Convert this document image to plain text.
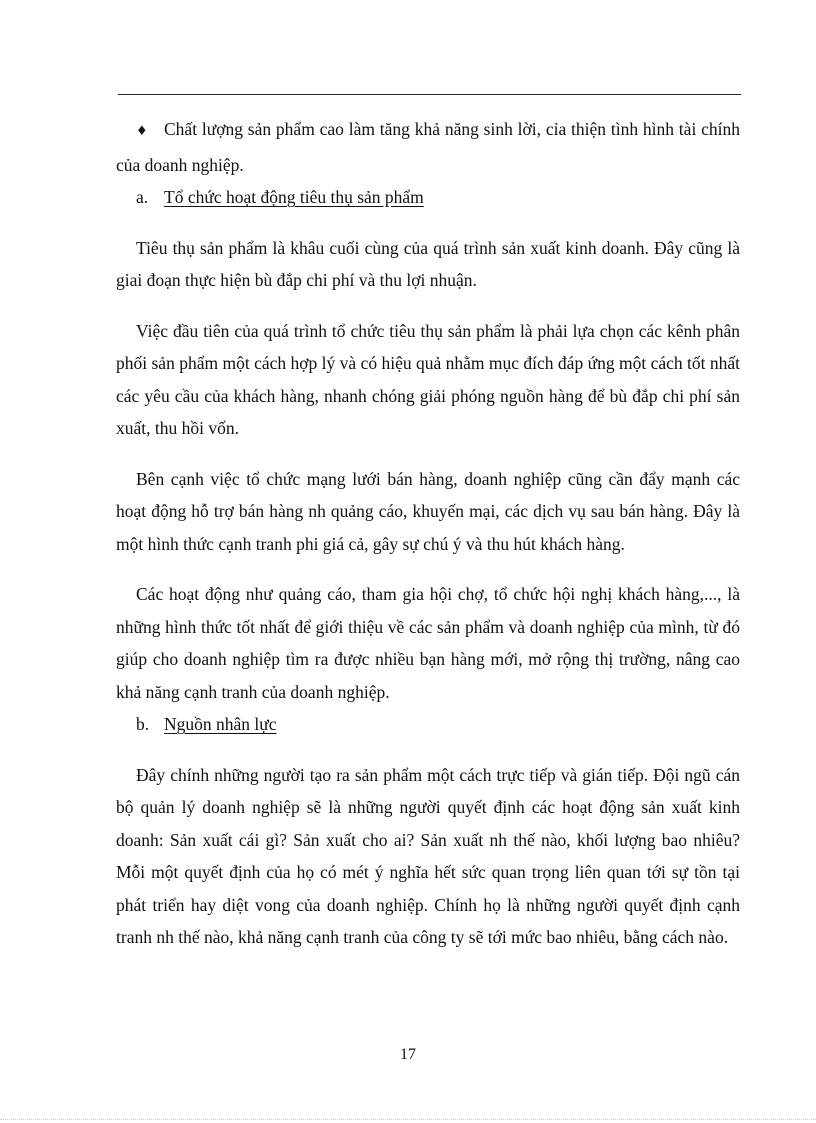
♦ Chất lượng sản phẩm cao làm tăng khả năng sinh lời, cỉa thiện tình hình tài chính của doanh nghiệp.

a. Tổ chức hoạt động tiêu thụ sản phẩm

Tiêu thụ sản phẩm là khâu cuối cùng của quá trình sản xuất kinh doanh. Đây cũng là giai đoạn thực hiện bù đắp chi phí và thu lợi nhuận.

Việc đầu tiên của quá trình tổ chức tiêu thụ sản phẩm là phải lựa chọn các kênh phân phối sản phẩm một cách hợp lý và có hiệu quả nhằm mục đích đáp ứng một cách tốt nhất các yêu cầu của khách hàng, nhanh chóng giải phóng nguồn hàng để bù đắp chi phí sản xuất, thu hồi vốn.

Bên cạnh việc tổ chức mạng lưới bán hàng, doanh nghiệp cũng cần đẩy mạnh các hoạt động hỗ trợ bán hàng nh quảng cáo, khuyến mại, các dịch vụ sau bán hàng. Đây là một hình thức cạnh tranh phi giá cả, gây sự chú ý và thu hút khách hàng.

Các hoạt động như quảng cáo, tham gia hội chợ, tổ chức hội nghị khách hàng,..., là những hình thức tốt nhất để giới thiệu về các sản phẩm và doanh nghiệp của mình, từ đó giúp cho doanh nghiệp tìm ra được nhiều bạn hàng mới, mở rộng thị trường, nâng cao khả năng cạnh tranh của doanh nghiệp.

b. Nguồn nhân lực

Đây chính những người tạo ra sản phẩm một cách trực tiếp và gián tiếp. Đội ngũ cán bộ quản lý doanh nghiệp sẽ là những người quyết định các hoạt động sản xuất kinh doanh: Sản xuất cái gì? Sản xuất cho ai? Sản xuất nh thế nào, khối lượng bao nhiêu? Mỗi một quyết định của họ có mét ý nghĩa hết sức quan trọng liên quan tới sự tồn tại phát triển hay diệt vong của doanh nghiệp. Chính họ là những người quyết định cạnh tranh nh thế nào, khả năng cạnh tranh của công ty sẽ tới mức bao nhiêu, bằng cách nào.

17
